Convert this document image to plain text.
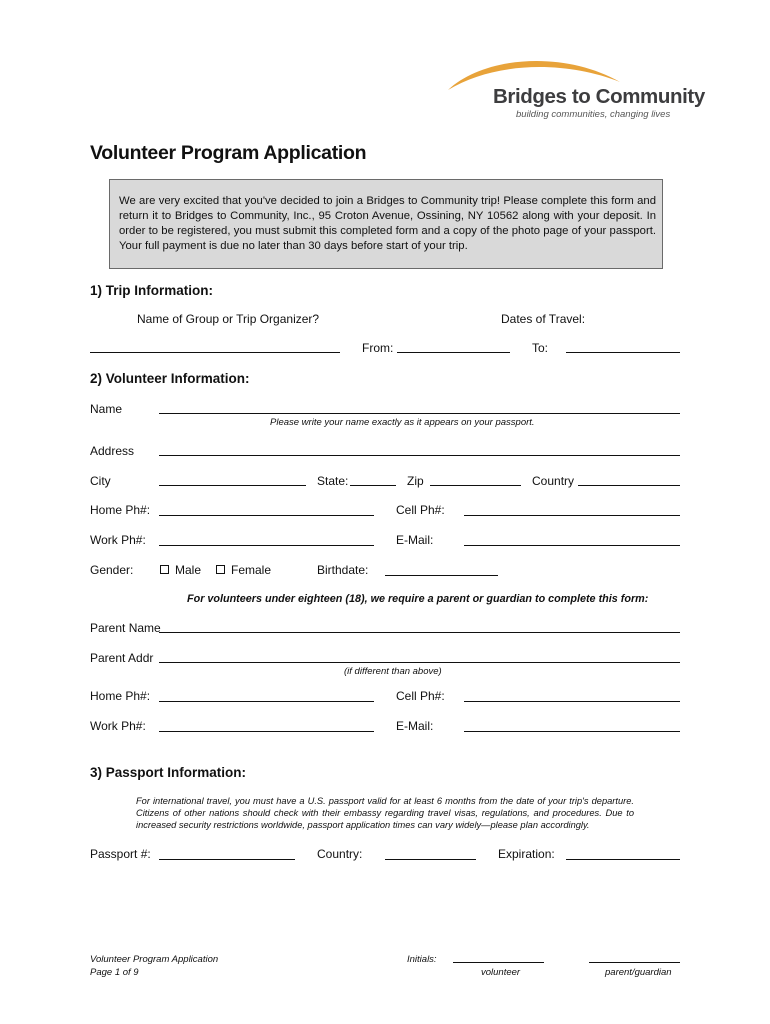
Bridges to Community
building communities, changing lives
Volunteer Program Application
We are very excited that you've decided to join a Bridges to Community trip! Please complete this form and return it to Bridges to Community, Inc., 95 Croton Avenue, Ossining, NY 10562 along with your deposit. In order to be registered, you must submit this completed form and a copy of the photo page of your passport. Your full payment is due no later than 30 days before start of your trip.
1) Trip Information:
Name of Group or Trip Organizer?	Dates of Travel:
From:	To:
2) Volunteer Information:
Name
Please write your name exactly as it appears on your passport.
Address
City	State:	Zip	Country
Home Ph#:	Cell Ph#:
Work Ph#:	E-Mail:
Gender:	Male	Female	Birthdate:
For volunteers under eighteen (18), we require a parent or guardian to complete this form:
Parent Name
Parent Addr
(if different than above)
Home Ph#:	Cell Ph#:
Work Ph#:	E-Mail:
3) Passport Information:
For international travel, you must have a U.S. passport valid for at least 6 months from the date of your trip's departure. Citizens of other nations should check with their embassy regarding travel visas, regulations, and procedures. Due to increased security restrictions worldwide, passport application times can vary widely—please plan accordingly.
Passport #:	Country:	Expiration:
Volunteer Program Application
Page 1 of 9
Initials:
volunteer	parent/guardian
